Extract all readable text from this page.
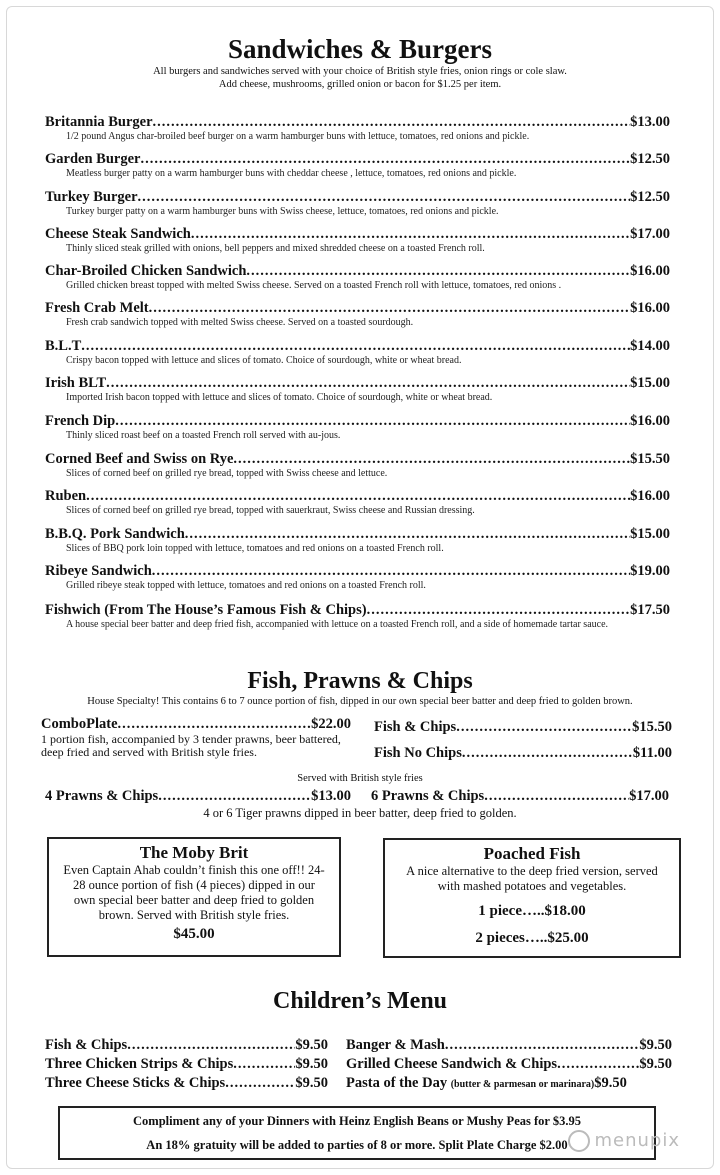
Sandwiches & Burgers
All burgers and sandwiches served with your choice of British style fries, onion rings or cole slaw.
Add cheese, mushrooms, grilled onion or bacon for $1.25 per item.
Britannia Burger .....	$13.00
1/2 pound Angus char-broiled beef burger on a warm hamburger buns with lettuce, tomatoes, red onions and pickle.
Garden Burger .....	$12.50
Meatless burger patty on a warm hamburger buns with cheddar cheese , lettuce, tomatoes, red onions and pickle.
Turkey Burger .....	$12.50
Turkey burger patty on a warm hamburger buns with Swiss cheese, lettuce, tomatoes, red onions and pickle.
Cheese Steak Sandwich .....	$17.00
Thinly sliced steak grilled with onions, bell peppers and mixed shredded cheese on a toasted French roll.
Char-Broiled Chicken Sandwich .....	$16.00
Grilled chicken breast topped with melted Swiss cheese. Served on a toasted French roll with lettuce, tomatoes, red onions .
Fresh Crab Melt .....	$16.00
Fresh crab sandwich topped with melted Swiss cheese. Served on a toasted sourdough.
B.L.T .....	$14.00
Crispy bacon topped with lettuce and slices of tomato. Choice of sourdough, white or wheat bread.
Irish BLT .....	$15.00
Imported Irish bacon topped with lettuce and slices of tomato. Choice of sourdough, white or wheat bread.
French Dip .....	$16.00
Thinly sliced roast beef on a toasted French roll served with au-jous.
Corned Beef and Swiss on Rye .....	$15.50
Slices of corned beef on grilled rye bread, topped with Swiss cheese and lettuce.
Ruben .....	$16.00
Slices of corned beef on grilled rye bread, topped with sauerkraut, Swiss cheese and Russian dressing.
B.B.Q. Pork Sandwich .....	$15.00
Slices of BBQ pork loin topped with lettuce, tomatoes and red onions on a toasted French roll.
Ribeye Sandwich .....	$19.00
Grilled ribeye steak topped with lettuce, tomatoes and red onions on a toasted French roll.
Fishwich (From The House’s Famous Fish & Chips) .....	$17.50
A house special beer batter and deep fried fish, accompanied with lettuce on a toasted French roll, and a side of homemade tartar sauce.
Fish, Prawns & Chips
House Specialty! This contains 6 to 7 ounce portion of fish, dipped in our own special beer batter and deep fried to golden brown.
ComboPlate .....	$22.00
1 portion fish, accompanied by 3 tender prawns, beer battered, deep fried and served with British style fries.
Fish & Chips .....	$15.50
Fish No Chips .....	$11.00
Served with British style fries
4 Prawns & Chips .....	$13.00 6 Prawns & Chips .....	$17.00
4 or 6 Tiger prawns dipped in beer batter, deep fried to golden.
The Moby Brit
Even Captain Ahab couldn’t finish this one off!! 24-28 ounce portion of fish (4 pieces) dipped in our own special beer batter and deep fried to golden brown. Served with British style fries.
$45.00
Poached Fish
A nice alternative to the deep fried version, served with mashed potatoes and vegetables.
1 piece…..$18.00
2 pieces…..$25.00
Children’s Menu
Fish & Chips .....	$9.50
Three Chicken Strips & Chips .....	$9.50
Three Cheese Sticks & Chips .....	$9.50
Banger & Mash .....	$9.50
Grilled Cheese Sandwich & Chips .....	$9.50
Pasta of the Day
(butter & parmesan or marinara) $9.50
Compliment any of your Dinners with Heinz English Beans or Mushy Peas for $3.95
An 18% gratuity will be added to parties of 8 or more. Split Plate Charge $2.00	menupix
